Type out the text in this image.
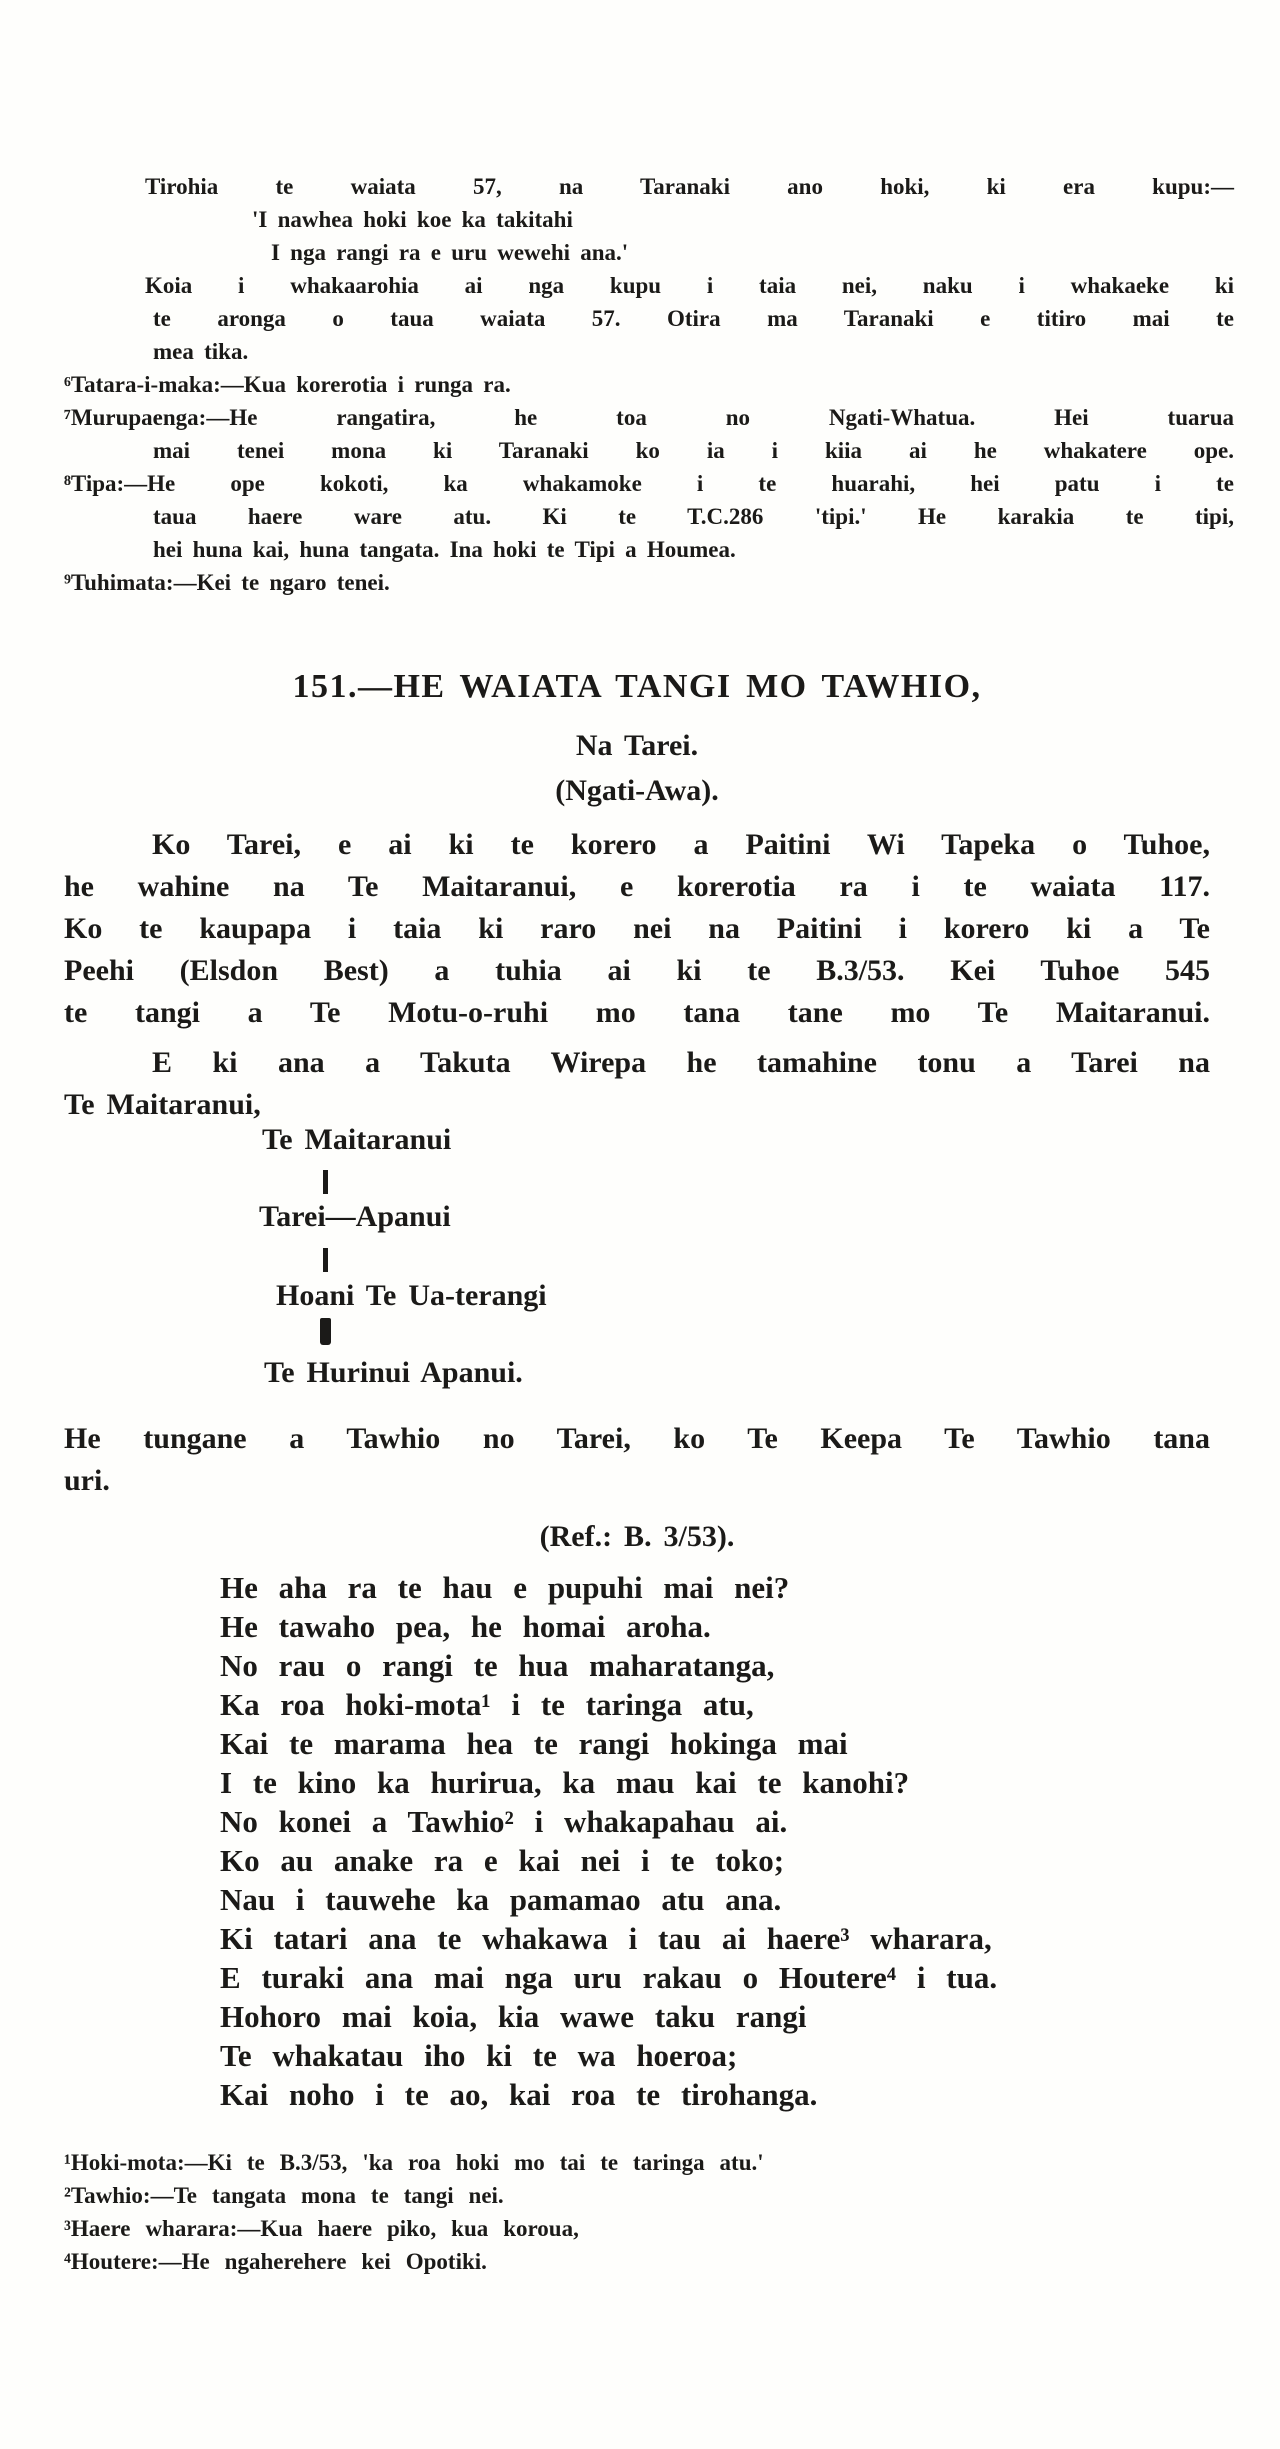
Tirohia te waiata 57, na Taranaki ano hoki, ki era kupu:—
'I nawhea hoki koe ka takitahi
I nga rangi ra e uru wewehi ana.'
Koia i whakaarohia ai nga kupu i taia nei, naku i whakaeke ki
te aronga o taua waiata 57. Otira ma Taranaki e titiro mai te
mea tika.
⁶Tatara-i-maka:—Kua korerotia i runga ra.
⁷Murupaenga:—He rangatira, he toa no Ngati-Whatua. Hei tuarua
mai tenei mona ki Taranaki ko ia i kiia ai he whakatere ope.
⁸Tipa:—He ope kokoti, ka whakamoke i te huarahi, hei patu i te
taua haere ware atu. Ki te T.C.286 'tipi.' He karakia te tipi,
hei huna kai, huna tangata. Ina hoki te Tipi a Houmea.
⁹Tuhimata:—Kei te ngaro tenei.
151.—HE WAIATA TANGI MO TAWHIO,
Na Tarei.
(Ngati-Awa).
Ko Tarei, e ai ki te korero a Paitini Wi Tapeka o Tuhoe,
he wahine na Te Maitaranui, e korerotia ra i te waiata 117.
Ko te kaupapa i taia ki raro nei na Paitini i korero ki a Te
Peehi (Elsdon Best) a tuhia ai ki te B.3/53. Kei Tuhoe 545
te tangi a Te Motu-o-ruhi mo tana tane mo Te Maitaranui.
E ki ana a Takuta Wirepa he tamahine tonu a Tarei na
Te Maitaranui,
Te Maitaranui
Tarei—Apanui
Hoani Te Ua-terangi
Te Hurinui Apanui.
He tungane a Tawhio no Tarei, ko Te Keepa Te Tawhio tana
uri.
(Ref.: B. 3/53).
He aha ra te hau e pupuhi mai nei?
He tawaho pea, he homai aroha.
No rau o rangi te hua maharatanga,
Ka roa hoki-mota¹ i te taringa atu,
Kai te marama hea te rangi hokinga mai
I te kino ka hurirua, ka mau kai te kanohi?
No konei a Tawhio² i whakapahau ai.
Ko au anake ra e kai nei i te toko;
Nau i tauwehe ka pamamao atu ana.
Ki tatari ana te whakawa i tau ai haere³ wharara,
E turaki ana mai nga uru rakau o Houtere⁴ i tua.
Hohoro mai koia, kia wawe taku rangi
Te whakatau iho ki te wa hoeroa;
Kai noho i te ao, kai roa te tirohanga.
¹Hoki-mota:—Ki te B.3/53, 'ka roa hoki mo tai te taringa atu.'
²Tawhio:—Te tangata mona te tangi nei.
³Haere wharara:—Kua haere piko, kua koroua,
⁴Houtere:—He ngaherehere kei Opotiki.
